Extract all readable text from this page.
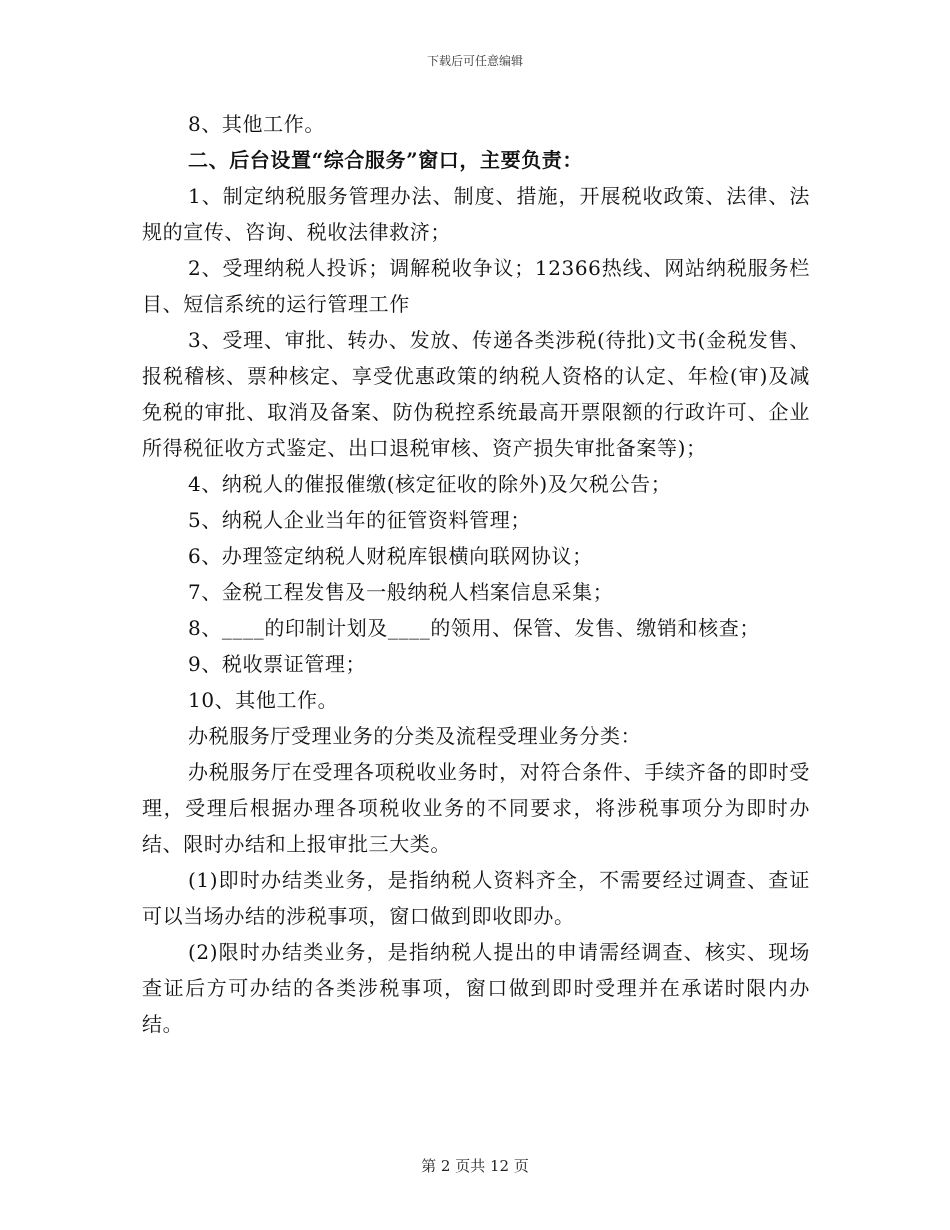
下载后可任意编辑

8、其他工作。

二、后台设置“综合服务”窗口，主要负责：

1、制定纳税服务管理办法、制度、措施，开展税收政策、法律、法规的宣传、咨询、税收法律救济；

2、受理纳税人投诉；调解税收争议；12366热线、网站纳税服务栏目、短信系统的运行管理工作

3、受理、审批、转办、发放、传递各类涉税(待批)文书(金税发售、报税稽核、票种核定、享受优惠政策的纳税人资格的认定、年检(审)及减免税的审批、取消及备案、防伪税控系统最高开票限额的行政许可、企业所得税征收方式鉴定、出口退税审核、资产损失审批备案等)；

4、纳税人的催报催缴(核定征收的除外)及欠税公告；

5、纳税人企业当年的征管资料管理；

6、办理签定纳税人财税库银横向联网协议；

7、金税工程发售及一般纳税人档案信息采集；

8、____的印制计划及____的领用、保管、发售、缴销和核查；

9、税收票证管理；

10、其他工作。

办税服务厅受理业务的分类及流程受理业务分类：

办税服务厅在受理各项税收业务时，对符合条件、手续齐备的即时受理，受理后根据办理各项税收业务的不同要求，将涉税事项分为即时办结、限时办结和上报审批三大类。

(1)即时办结类业务，是指纳税人资料齐全，不需要经过调查、查证可以当场办结的涉税事项，窗口做到即收即办。

(2)限时办结类业务，是指纳税人提出的申请需经调查、核实、现场查证后方可办结的各类涉税事项，窗口做到即时受理并在承诺时限内办结。

第 2 页共 12 页
